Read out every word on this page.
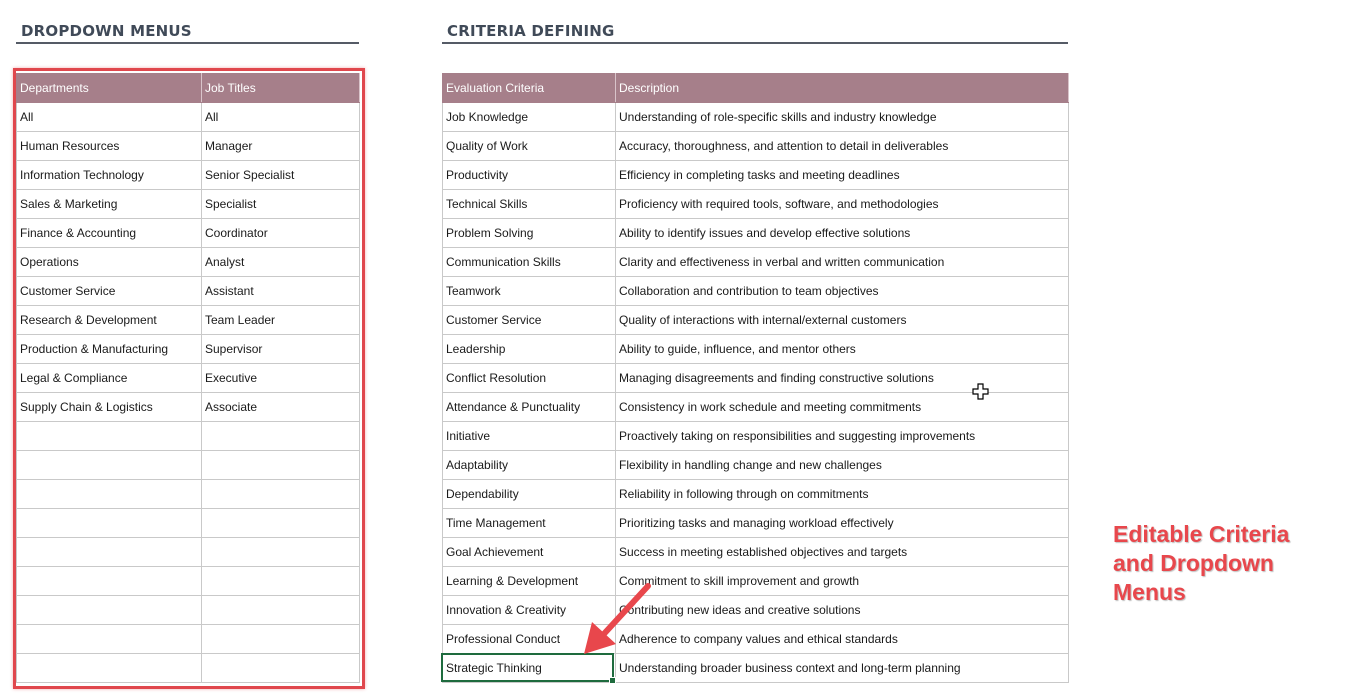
DROPDOWN MENUS
Departments	Job Titles
All	All
Human Resources	Manager
Information Technology	Senior Specialist
Sales & Marketing	Specialist
Finance & Accounting	Coordinator
Operations	Analyst
Customer Service	Assistant
Research & Development	Team Leader
Production & Manufacturing	Supervisor
Legal & Compliance	Executive
Supply Chain & Logistics	Associate

CRITERIA DEFINING
Evaluation Criteria	Description
Job Knowledge	Understanding of role-specific skills and industry knowledge
Quality of Work	Accuracy, thoroughness, and attention to detail in deliverables
Productivity	Efficiency in completing tasks and meeting deadlines
Technical Skills	Proficiency with required tools, software, and methodologies
Problem Solving	Ability to identify issues and develop effective solutions
Communication Skills	Clarity and effectiveness in verbal and written communication
Teamwork	Collaboration and contribution to team objectives
Customer Service	Quality of interactions with internal/external customers
Leadership	Ability to guide, influence, and mentor others
Conflict Resolution	Managing disagreements and finding constructive solutions
Attendance & Punctuality	Consistency in work schedule and meeting commitments
Initiative	Proactively taking on responsibilities and suggesting improvements
Adaptability	Flexibility in handling change and new challenges
Dependability	Reliability in following through on commitments
Time Management	Prioritizing tasks and managing workload effectively
Goal Achievement	Success in meeting established objectives and targets
Learning & Development	Commitment to skill improvement and growth
Innovation & Creativity	Contributing new ideas and creative solutions
Professional Conduct	Adherence to company values and ethical standards
Strategic Thinking	Understanding broader business context and long-term planning
Editable Criteria
and Dropdown
Menus
